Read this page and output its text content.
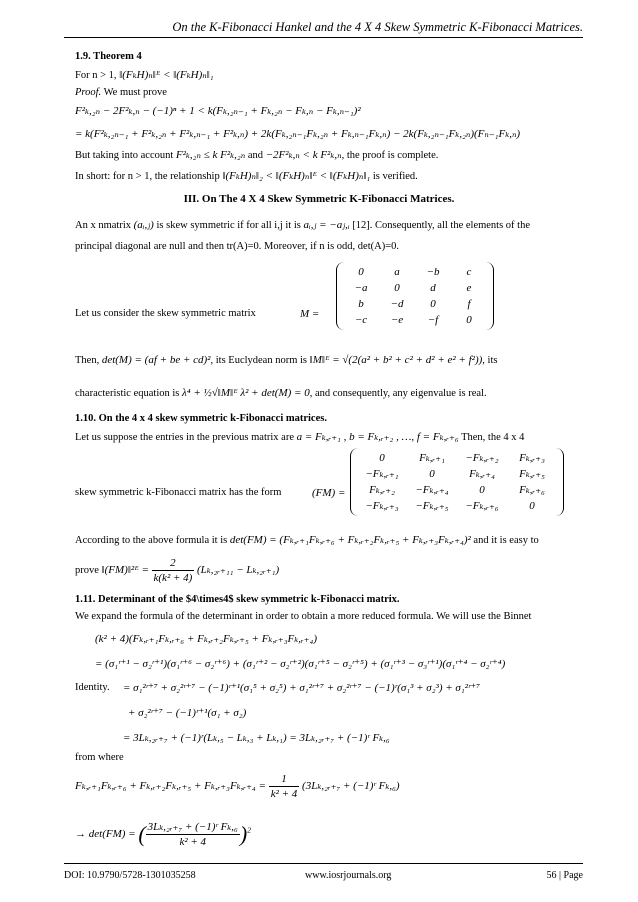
On the K-Fibonacci Hankel and the 4 X 4 Skew Symmetric K-Fibonacci Matrices.
1.9. Theorem 4
For n > 1, ‖(FₖH)ₙ‖ᴱ < ‖(FₖH)ₙ‖₁
Proof. We must prove
F²ₖ,₂ₙ − 2F²ₖ,ₙ − (−1)ⁿ + 1 < k(Fₖ,₂ₙ₋₁ + Fₖ,₂ₙ − Fₖ,ₙ − Fₖ,ₙ₋₁)²
= k(F²ₖ,₂ₙ₋₁ + F²ₖ,₂ₙ + F²ₖ,ₙ₋₁ + F²ₖ,ₙ) + 2k(Fₖ,₂ₙ₋₁Fₖ,₂ₙ + Fₖ,ₙ₋₁Fₖ,ₙ) − 2k(Fₖ,₂ₙ₋₁Fₖ,₂ₙ)(Fₙ₋₁Fₖ,ₙ)
But taking into account F²ₖ,₂ₙ ≤ k F²ₖ,₂ₙ and −2F²ₖ,ₙ < k F²ₖ,ₙ, the proof is complete.
In short: for n > 1, the relationship ‖(FₖH)ₙ‖₂ < ‖(FₖH)ₙ‖ᴱ < ‖(FₖH)ₙ‖₁ is verified.
III. On The 4 X 4 Skew Symmetric K-Fibonacci Matrices.
An x nmatrix (aᵢ,ⱼ) is skew symmetric if for all i,j it is aᵢ,ⱼ = −aⱼ,ᵢ [12]. Consequently, all the elements of the
principal diagonal are null and then tr(A)=0. Moreover, if n is odd, det(A)=0.
Let us consider the skew symmetric matrix	M =
0	a	−b	c
−a	0	d	e
b	−d	0	f
−c	−e	−f	0
Then, det(M) = (af + be + cd)², its Euclydean norm is ‖M‖ᴱ = √(2(a² + b² + c² + d² + e² + f²)), its
characteristic equation is λ⁴ + ½√‖M‖ᴱ λ² + det(M) = 0, and consequently, any eigenvalue is real.
1.10. On the 4 x 4 skew symmetric k-Fibonacci matrices.
Let us suppose the entries in the previous matrix are a = Fₖ,ᵣ₊₁ , b = Fₖ,ᵣ₊₂ , …, f = Fₖ,ᵣ₊₆ Then, the 4 x 4
skew symmetric k-Fibonacci matrix has the form	(FM) =
0	Fₖ,ᵣ₊₁	−Fₖ,ᵣ₊₂	Fₖ,ᵣ₊₃
−Fₖ,ᵣ₊₁	0	Fₖ,ᵣ₊₄	Fₖ,ᵣ₊₅
Fₖ,ᵣ₊₂	−Fₖ,ᵣ₊₄	0	Fₖ,ᵣ₊₆
−Fₖ,ᵣ₊₃	−Fₖ,ᵣ₊₅	−Fₖ,ᵣ₊₆	0
According to the above formula it is det(FM) = (Fₖ,ᵣ₊₁Fₖ,ᵣ₊₆ + Fₖ,ᵣ₊₂Fₖ,ᵣ₊₅ + Fₖ,ᵣ₊₃Fₖ,ᵣ₊₄)² and it is easy to
prove ‖(FM)‖²ᴱ = $\frac{2}{\text{k(k² + 4)}}$ (Lₖ,₂ᵣ₊₁₁ − Lₖ,₂ᵣ₊₁)
1.11. Determinant of the $4\times4$ skew symmetric k-Fibonacci matrix.
We expand the formula of the determinant in order to obtain a more reduced formula. We will use the Binnet
(k² + 4)(Fₖ,ᵣ₊₁Fₖ,ᵣ₊₆ + Fₖ,ᵣ₊₂Fₖ,ᵣ₊₅ + Fₖ,ᵣ₊₃Fₖ,ᵣ₊₄)
= (σ₁ʳ⁺¹ − σ₂ʳ⁺¹)(σ₁ʳ⁺⁶ − σ₂ʳ⁺⁶) + (σ₁ʳ⁺² − σ₂ʳ⁺²)(σ₁ʳ⁺⁵ − σ₂ʳ⁺⁵) + (σ₁ʳ⁺³ − σ₃ʳ⁺¹)(σ₁ʳ⁺⁴ − σ₂ʳ⁺⁴)
Identity. = σ₁²ʳ⁺⁷ + σ₂²ʳ⁺⁷ − (−1)ʳ⁺¹(σ₁⁵ + σ₂⁵) + σ₁²ʳ⁺⁷ + σ₂²ʳ⁺⁷ − (−1)ʳ(σ₁³ + σ₂³) + σ₁²ʳ⁺⁷
+ σ₂²ʳ⁺⁷ − (−1)ʳ⁺¹(σ₁ + σ₂)
= 3Lₖ,₂ᵣ₊₇ + (−1)ʳ(Lₖ,₅ − Lₖ,₃ + Lₖ,₁) = 3Lₖ,₂ᵣ₊₇ + (−1)ʳ Fₖ,₆
from where
Fₖ,ᵣ₊₁Fₖ,ᵣ₊₆ + Fₖ,ᵣ₊₂Fₖ,ᵣ₊₅ + Fₖ,ᵣ₊₃Fₖ,ᵣ₊₄ = $\frac{1}{\text{k² + 4}}$ (3Lₖ,₂ᵣ₊₇ + (−1)ʳ Fₖ,₆)
→ det(FM) = ( $\frac{\text{3Lₖ,₂ᵣ₊₇ + (−1)ʳ Fₖ,₆}}{\text{k² + 4}} )^2$
DOI: 10.9790/5728-1301035258	www.iosrjournals.org	56 | Page
